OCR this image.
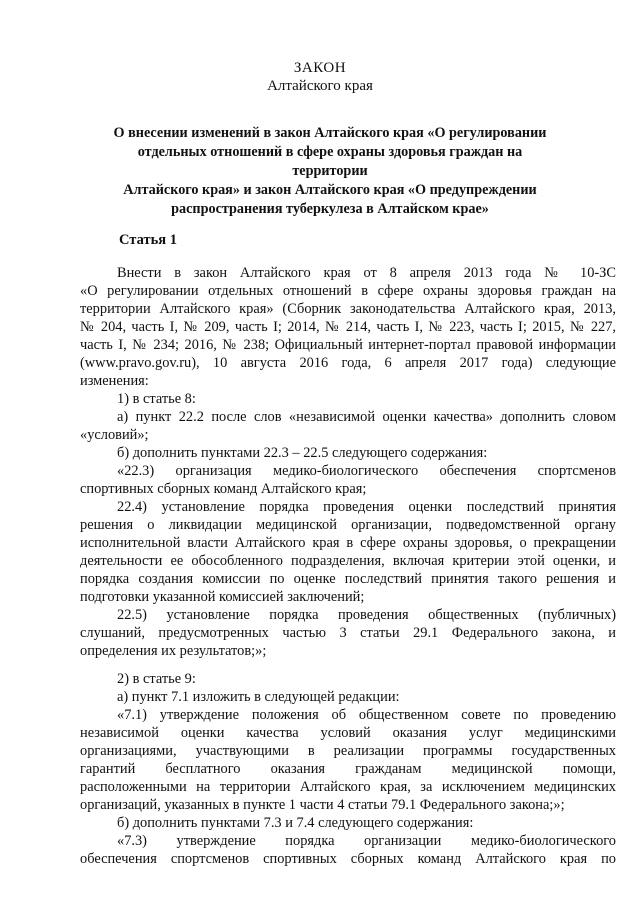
ЗАКОН
Алтайского края
О внесении изменений в закон Алтайского края «О регулировании
отдельных отношений в сфере охраны здоровья граждан на территории
Алтайского края» и закон Алтайского края «О предупреждении
распространения туберкулеза в Алтайском крае»
Статья 1
Внести в закон Алтайского края от 8 апреля 2013 года № 10-ЗС
«О регулировании отдельных отношений в сфере охраны здоровья граждан на
территории Алтайского края» (Сборник законодательства Алтайского края, 2013,
№ 204, часть I, № 209, часть I; 2014, № 214, часть I, № 223, часть I; 2015, № 227,
часть I, № 234; 2016, № 238; Официальный интернет-портал правовой информации
(www.pravo.gov.ru), 10 августа 2016 года, 6 апреля 2017 года) следующие
изменения:
1) в статье 8:
а) пункт 22.2 после слов «независимой оценки качества» дополнить словом
«условий»;
б) дополнить пунктами 22.3 – 22.5 следующего содержания:
«22.3) организация медико-биологического обеспечения спортсменов
спортивных сборных команд Алтайского края;
22.4) установление порядка проведения оценки последствий принятия
решения о ликвидации медицинской организации, подведомственной органу
исполнительной власти Алтайского края в сфере охраны здоровья, о прекращении
деятельности ее обособленного подразделения, включая критерии этой оценки, и
порядка создания комиссии по оценке последствий принятия такого решения и
подготовки указанной комиссией заключений;
22.5) установление порядка проведения общественных (публичных)
слушаний, предусмотренных частью 3 статьи 29.1 Федерального закона, и
определения их результатов;»;
2) в статье 9:
а) пункт 7.1 изложить в следующей редакции:
«7.1) утверждение положения об общественном совете по проведению
независимой оценки качества условий оказания услуг медицинскими
организациями, участвующими в реализации программы государственных
гарантий бесплатного оказания гражданам медицинской помощи,
расположенными на территории Алтайского края, за исключением медицинских
организаций, указанных в пункте 1 части 4 статьи 79.1 Федерального закона;»;
б) дополнить пунктами 7.3 и 7.4 следующего содержания:
«7.3) утверждение порядка организации медико-биологического
обеспечения спортсменов спортивных сборных команд Алтайского края по
